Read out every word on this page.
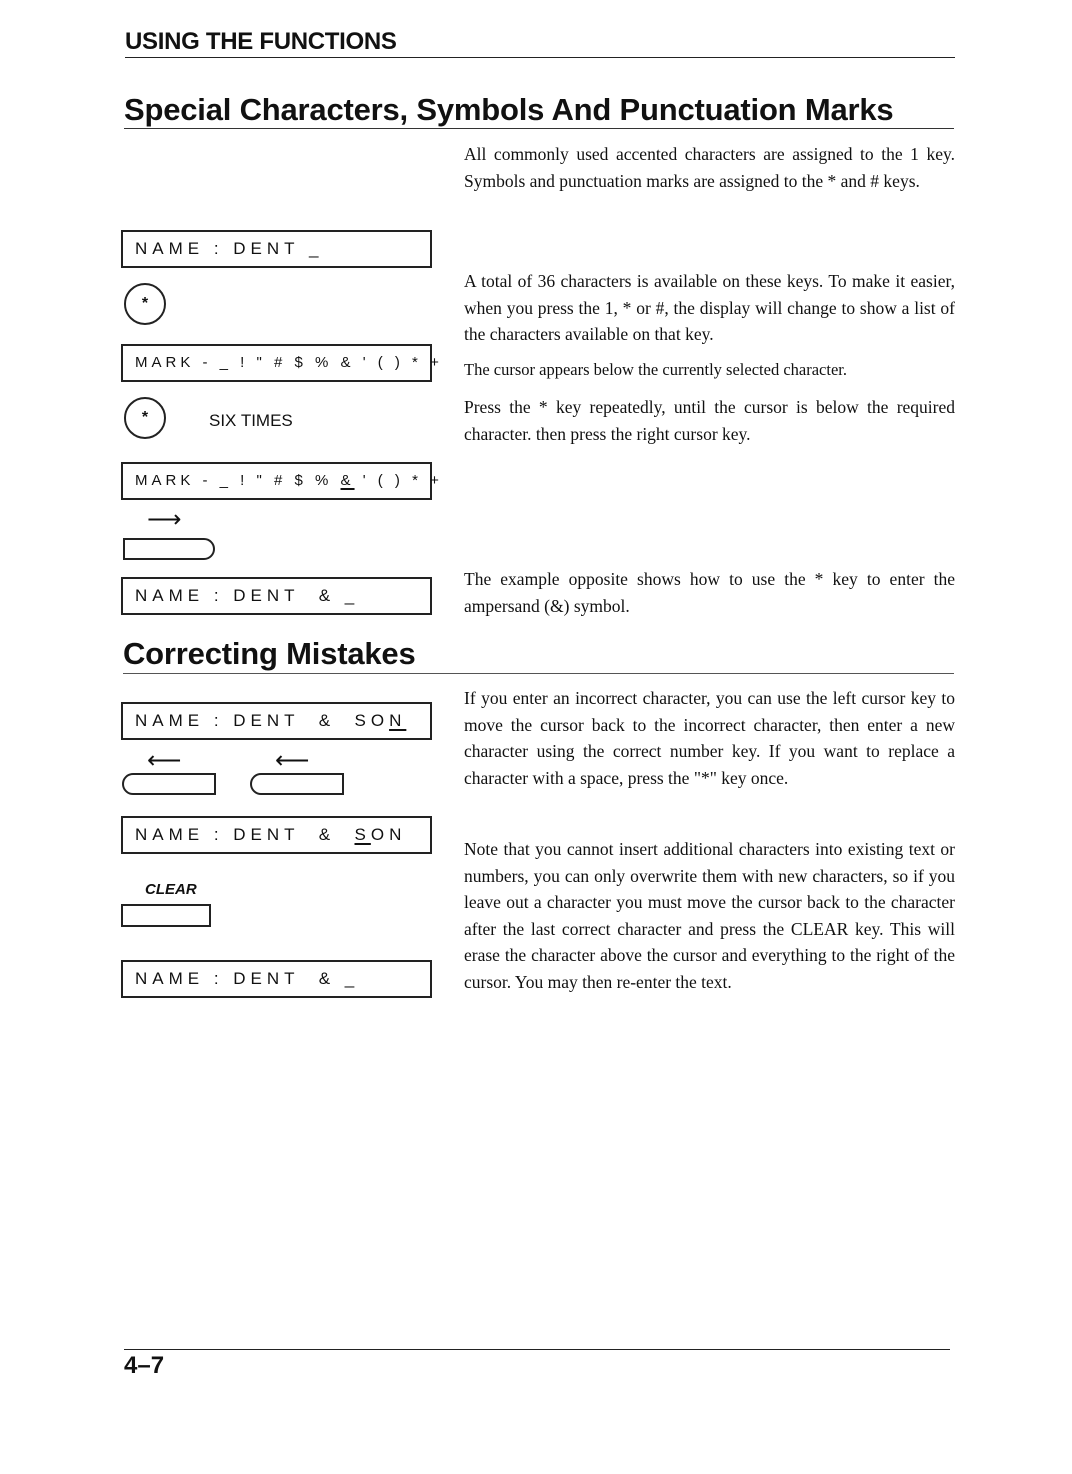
USING THE FUNCTIONS
Special Characters, Symbols And Punctuation Marks
All commonly used accented characters are assigned to the 1 key. Symbols and punctuation marks are assigned to the * and # keys.
A total of 36 characters is available on these keys. To make it easier, when you press the 1, * or #, the display will change to show a list of the characters available on that key.
The cursor appears below the currently selected character.
Press the * key repeatedly, until the cursor is below the required character. then press the right cursor key.
The example opposite shows how to use the * key to enter the ampersand (&) symbol.
NAME : DENT _
*
MARK - _ ! " # $ % & ' ( ) * +
*	SIX TIMES
MARK - _ ! " # $ % & ' ( ) * +
⟶
NAME : DENT  & _
Correcting Mistakes
If you enter an incorrect character, you can use the left cursor key to move the cursor back to the incorrect character, then enter a new character using the correct number key. If you want to replace a character with a space, press the "*" key once.
Note that you cannot insert additional characters into existing text or numbers, you can only overwrite them with new characters, so if you leave out a character you must move the cursor back to the character after the last correct character and press the CLEAR key. This will erase the character above the cursor and everything to the right of the cursor. You may then re-enter the text.
NAME : DENT  &  SON
⟵	⟵
NAME : DENT  &  SON
CLEAR
NAME : DENT  & _
4–7
